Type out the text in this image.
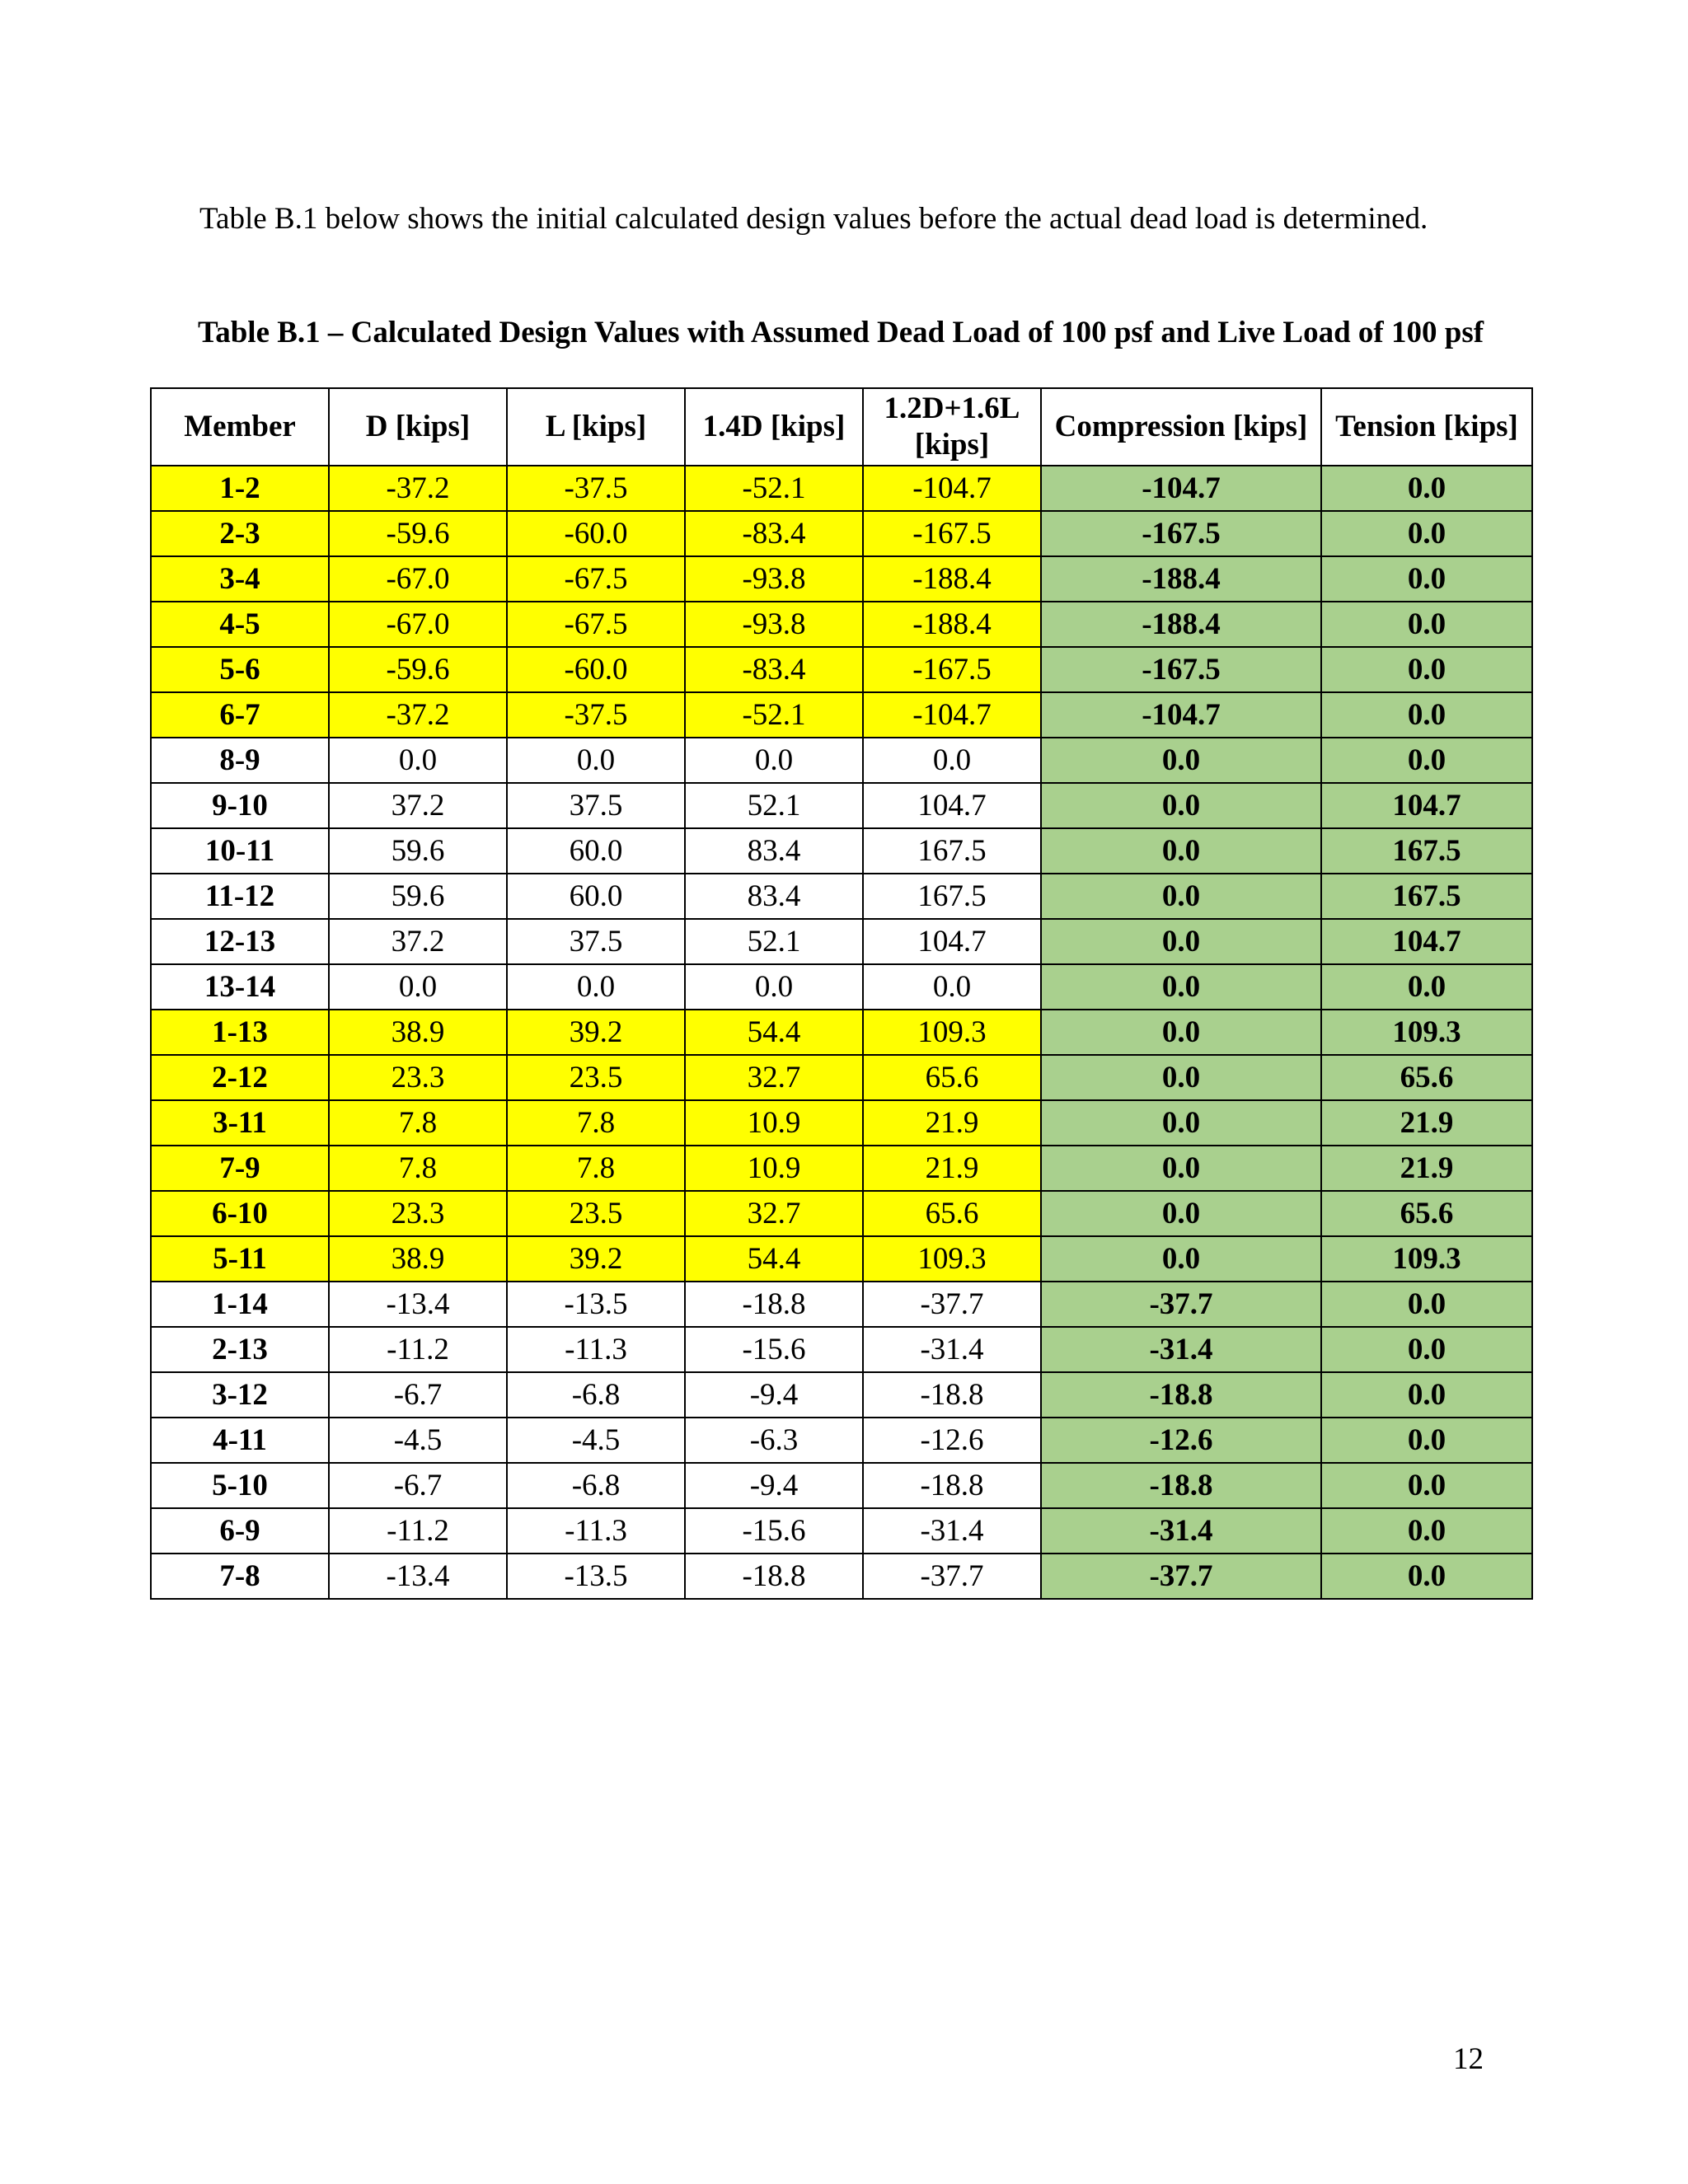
Table B.1 below shows the initial calculated design values before the actual dead load is determined.

Table B.1 – Calculated Design Values with Assumed Dead Load of 100 psf and Live Load of 100 psf

Member	D [kips]	L [kips]	1.4D [kips]	1.2D+1.6L [kips]	Compression [kips]	Tension [kips]
1-2	-37.2	-37.5	-52.1	-104.7	-104.7	0.0
2-3	-59.6	-60.0	-83.4	-167.5	-167.5	0.0
3-4	-67.0	-67.5	-93.8	-188.4	-188.4	0.0
4-5	-67.0	-67.5	-93.8	-188.4	-188.4	0.0
5-6	-59.6	-60.0	-83.4	-167.5	-167.5	0.0
6-7	-37.2	-37.5	-52.1	-104.7	-104.7	0.0
8-9	0.0	0.0	0.0	0.0	0.0	0.0
9-10	37.2	37.5	52.1	104.7	0.0	104.7
10-11	59.6	60.0	83.4	167.5	0.0	167.5
11-12	59.6	60.0	83.4	167.5	0.0	167.5
12-13	37.2	37.5	52.1	104.7	0.0	104.7
13-14	0.0	0.0	0.0	0.0	0.0	0.0
1-13	38.9	39.2	54.4	109.3	0.0	109.3
2-12	23.3	23.5	32.7	65.6	0.0	65.6
3-11	7.8	7.8	10.9	21.9	0.0	21.9
7-9	7.8	7.8	10.9	21.9	0.0	21.9
6-10	23.3	23.5	32.7	65.6	0.0	65.6
5-11	38.9	39.2	54.4	109.3	0.0	109.3
1-14	-13.4	-13.5	-18.8	-37.7	-37.7	0.0
2-13	-11.2	-11.3	-15.6	-31.4	-31.4	0.0
3-12	-6.7	-6.8	-9.4	-18.8	-18.8	0.0
4-11	-4.5	-4.5	-6.3	-12.6	-12.6	0.0
5-10	-6.7	-6.8	-9.4	-18.8	-18.8	0.0
6-9	-11.2	-11.3	-15.6	-31.4	-31.4	0.0
7-8	-13.4	-13.5	-18.8	-37.7	-37.7	0.0

12
